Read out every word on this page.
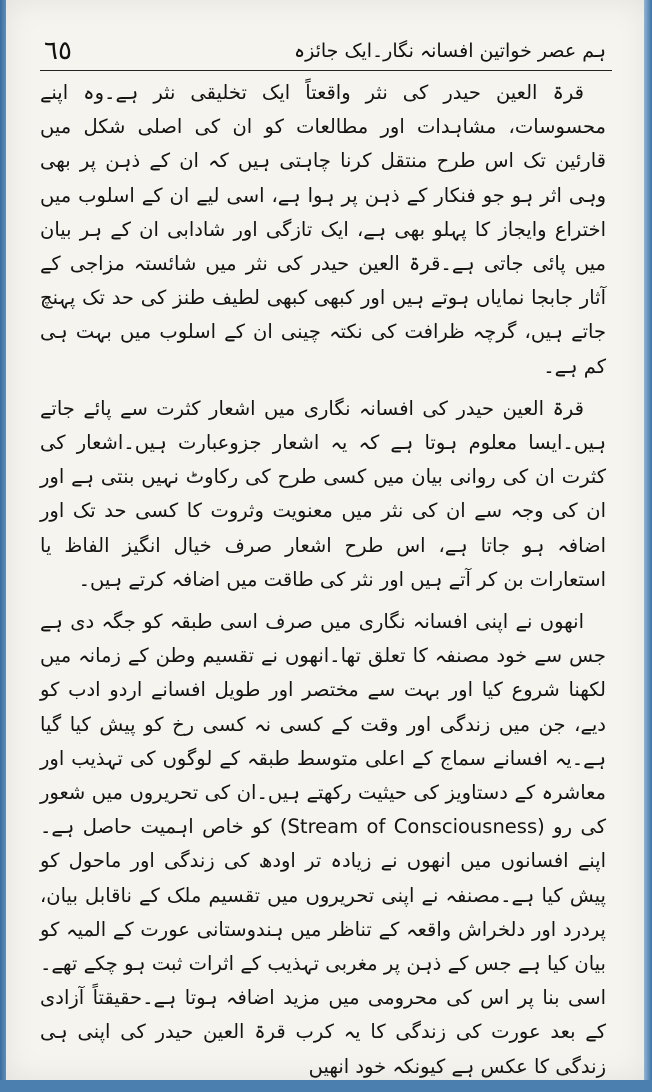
٦٥	ہم عصر خواتین افسانہ نگار۔ایک جائزہ

قرۃ العین حیدر کی نثر واقعتاً ایک تخلیقی نثر ہے۔وہ اپنے محسوسات، مشاہدات اور مطالعات کو ان کی اصلی شکل میں قارئین تک اس طرح منتقل کرنا چاہتی ہیں کہ ان کے ذہن پر بھی وہی اثر ہو جو فنکار کے ذہن پر ہوا ہے، اسی لیے ان کے اسلوب میں اختراع وایجاز کا پہلو بھی ہے، ایک تازگی اور شادابی ان کے ہر بیان میں پائی جاتی ہے۔قرۃ العین حیدر کی نثر میں شائستہ مزاجی کے آثار جابجا نمایاں ہوتے ہیں اور کبھی کبھی لطیف طنز کی حد تک پہنچ جاتے ہیں، گرچہ ظرافت کی نکتہ چینی ان کے اسلوب میں بہت ہی کم ہے۔

قرۃ العین حیدر کی افسانہ نگاری میں اشعار کثرت سے پائے جاتے ہیں۔ایسا معلوم ہوتا ہے کہ یہ اشعار جزوعبارت ہیں۔اشعار کی کثرت ان کی روانی بیان میں کسی طرح کی رکاوٹ نہیں بنتی ہے اور ان کی وجہ سے ان کی نثر میں معنویت وثروت کا کسی حد تک اور اضافہ ہو جاتا ہے، اس طرح اشعار صرف خیال انگیز الفاظ یا استعارات بن کر آتے ہیں اور نثر کی طاقت میں اضافہ کرتے ہیں۔

انھوں نے اپنی افسانہ نگاری میں صرف اسی طبقہ کو جگہ دی ہے جس سے خود مصنفہ کا تعلق تھا۔انھوں نے تقسیم وطن کے زمانہ میں لکھنا شروع کیا اور بہت سے مختصر اور طویل افسانے اردو ادب کو دیے، جن میں زندگی اور وقت کے کسی نہ کسی رخ کو پیش کیا گیا ہے۔یہ افسانے سماج کے اعلی متوسط طبقہ کے لوگوں کی تہذیب اور معاشرہ کے دستاویز کی حیثیت رکھتے ہیں۔ان کی تحریروں میں شعور کی رو (Stream of Consciousness) کو خاص اہمیت حاصل ہے۔اپنے افسانوں میں انھوں نے زیادہ تر اودھ کی زندگی اور ماحول کو پیش کیا ہے۔مصنفہ نے اپنی تحریروں میں تقسیم ملک کے ناقابل بیان، پردرد اور دلخراش واقعہ کے تناظر میں ہندوستانی عورت کے المیہ کو بیان کیا ہے جس کے ذہن پر مغربی تہذیب کے اثرات ثبت ہو چکے تھے۔اسی بنا پر اس کی محرومی میں مزید اضافہ ہوتا ہے۔حقیقتاً آزادی کے بعد عورت کی زندگی کا یہ کرب قرۃ العین حیدر کی اپنی ہی زندگی کا عکس ہے کیونکہ خود انھیں
